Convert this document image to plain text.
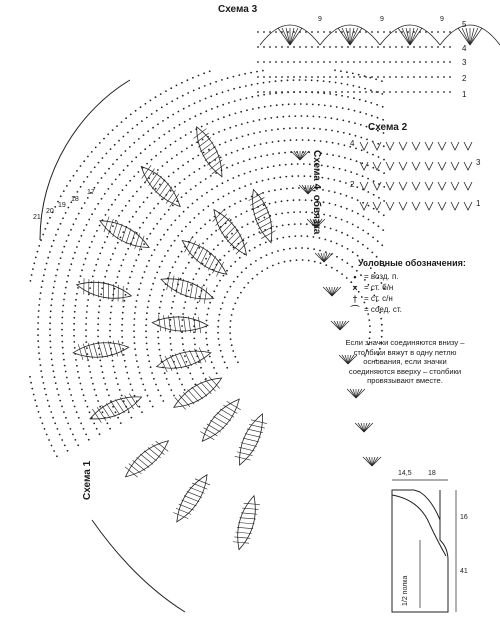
Схема 3
Схема 2
Схема 4, обвязка
Схема 1
21
20
19
18
17
5
4
3
2
1
9	9	9
4
3
2
1
Условные обозначения:
• = возд. п.
× = ст. б/н
† = ст. с/н
⌒ = соед. ст.
Если значки соединяются внизу – столбики вяжут в одну петлю основания, если значки соединяются вверху – столбики провязывают вместе.
14,5 18
16
41
1/2 полка
